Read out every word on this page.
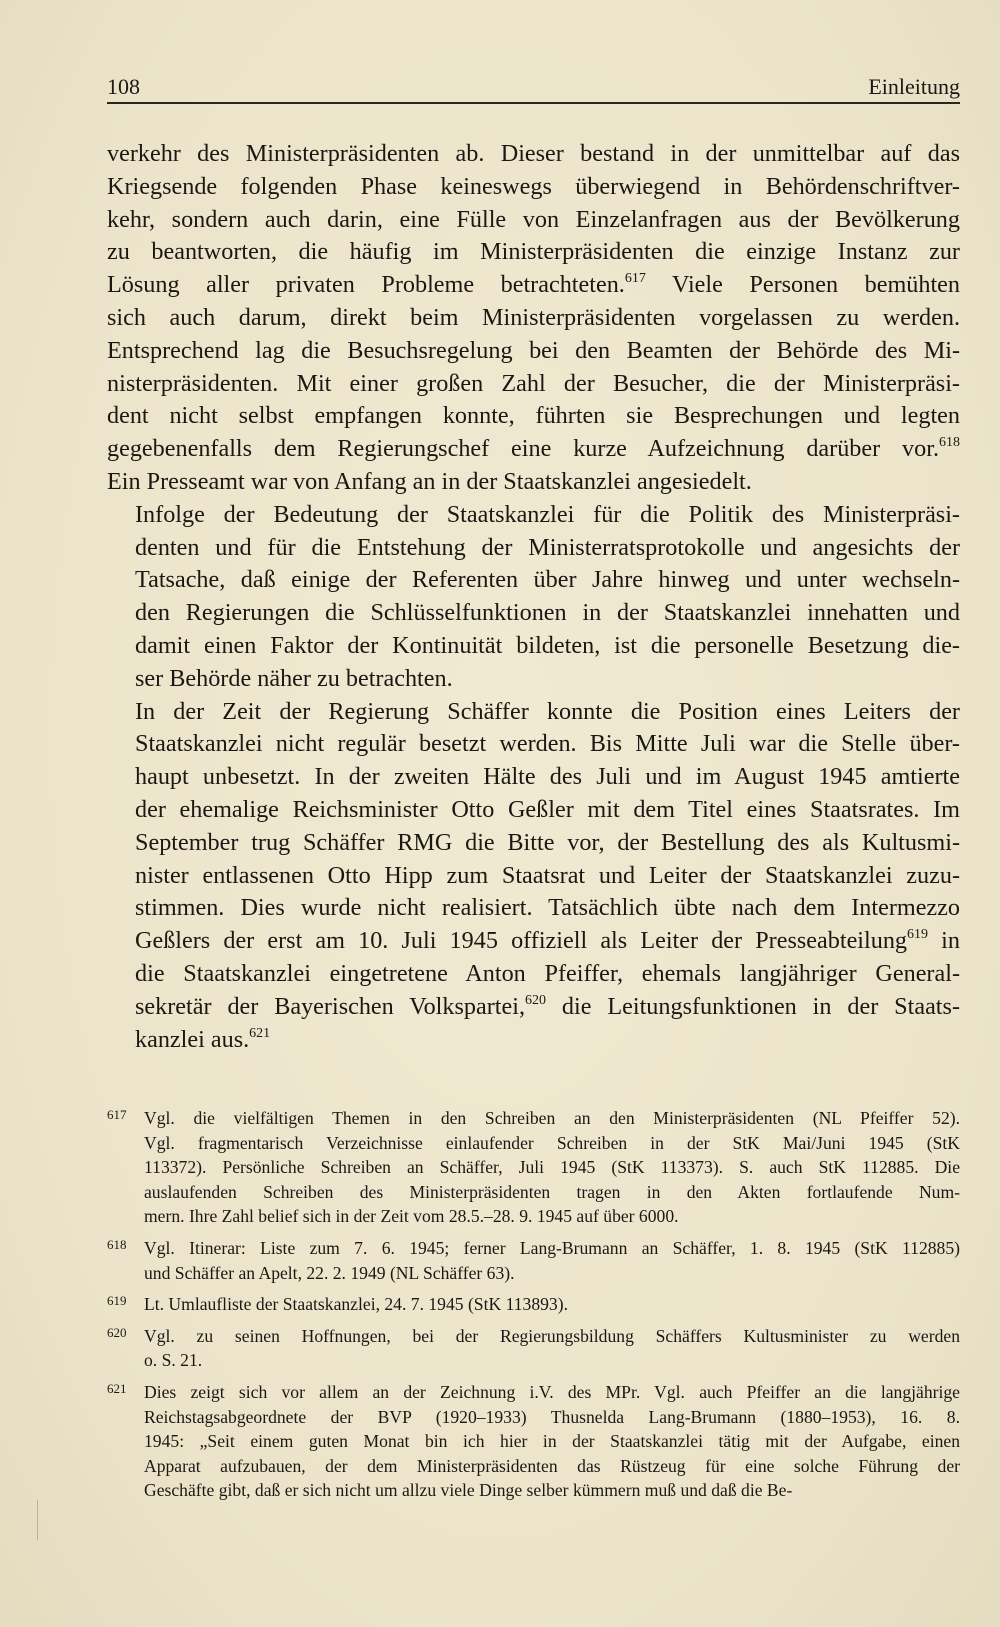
108	Einleitung

verkehr des Ministerpräsidenten ab. Dieser bestand in der unmittelbar auf das
Kriegsende folgenden Phase keineswegs überwiegend in Behördenschriftver-
kehr, sondern auch darin, eine Fülle von Einzelanfragen aus der Bevölkerung
zu beantworten, die häufig im Ministerpräsidenten die einzige Instanz zur
Lösung aller privaten Probleme betrachteten.$^{617}$ Viele Personen bemühten
sich auch darum, direkt beim Ministerpräsidenten vorgelassen zu werden.
Entsprechend lag die Besuchsregelung bei den Beamten der Behörde des Mi-
nisterpräsidenten. Mit einer großen Zahl der Besucher, die der Ministerpräsi-
dent nicht selbst empfangen konnte, führten sie Besprechungen und legten
gegebenenfalls dem Regierungschef eine kurze Aufzeichnung darüber vor.$^{618}$
Ein Presseamt war von Anfang an in der Staatskanzlei angesiedelt.

Infolge der Bedeutung der Staatskanzlei für die Politik des Ministerpräsi-
denten und für die Entstehung der Ministerratsprotokolle und angesichts der
Tatsache, daß einige der Referenten über Jahre hinweg und unter wechseln-
den Regierungen die Schlüsselfunktionen in der Staatskanzlei innehatten und
damit einen Faktor der Kontinuität bildeten, ist die personelle Besetzung die-
ser Behörde näher zu betrachten.

In der Zeit der Regierung Schäffer konnte die Position eines Leiters der
Staatskanzlei nicht regulär besetzt werden. Bis Mitte Juli war die Stelle über-
haupt unbesetzt. In der zweiten Hälte des Juli und im August 1945 amtierte
der ehemalige Reichsminister Otto Geßler mit dem Titel eines Staatsrates. Im
September trug Schäffer RMG die Bitte vor, der Bestellung des als Kultusmi-
nister entlassenen Otto Hipp zum Staatsrat und Leiter der Staatskanzlei zuzu-
stimmen. Dies wurde nicht realisiert. Tatsächlich übte nach dem Intermezzo
Geßlers der erst am 10. Juli 1945 offiziell als Leiter der Presseabteilung$^{619}$ in
die Staatskanzlei eingetretene Anton Pfeiffer, ehemals langjähriger General-
sekretär der Bayerischen Volkspartei,$^{620}$ die Leitungsfunktionen in der Staats-
kanzlei aus.$^{621}$

617 Vgl. die vielfältigen Themen in den Schreiben an den Ministerpräsidenten (NL Pfeiffer 52).
Vgl. fragmentarisch Verzeichnisse einlaufender Schreiben in der StK Mai/Juni 1945 (StK
113372). Persönliche Schreiben an Schäffer, Juli 1945 (StK 113373). S. auch StK 112885. Die
auslaufenden Schreiben des Ministerpräsidenten tragen in den Akten fortlaufende Num-
mern. Ihre Zahl belief sich in der Zeit vom 28.5.–28. 9. 1945 auf über 6000.
618 Vgl. Itinerar: Liste zum 7. 6. 1945; ferner Lang-Brumann an Schäffer, 1. 8. 1945 (StK 112885)
und Schäffer an Apelt, 22. 2. 1949 (NL Schäffer 63).
619 Lt. Umlaufliste der Staatskanzlei, 24. 7. 1945 (StK 113893).
620 Vgl. zu seinen Hoffnungen, bei der Regierungsbildung Schäffers Kultusminister zu werden
o. S. 21.
621 Dies zeigt sich vor allem an der Zeichnung i.V. des MPr. Vgl. auch Pfeiffer an die langjährige
Reichstagsabgeordnete der BVP (1920–1933) Thusnelda Lang-Brumann (1880–1953), 16. 8.
1945: „Seit einem guten Monat bin ich hier in der Staatskanzlei tätig mit der Aufgabe, einen
Apparat aufzubauen, der dem Ministerpräsidenten das Rüstzeug für eine solche Führung der
Geschäfte gibt, daß er sich nicht um allzu viele Dinge selber kümmern muß und daß die Be-
